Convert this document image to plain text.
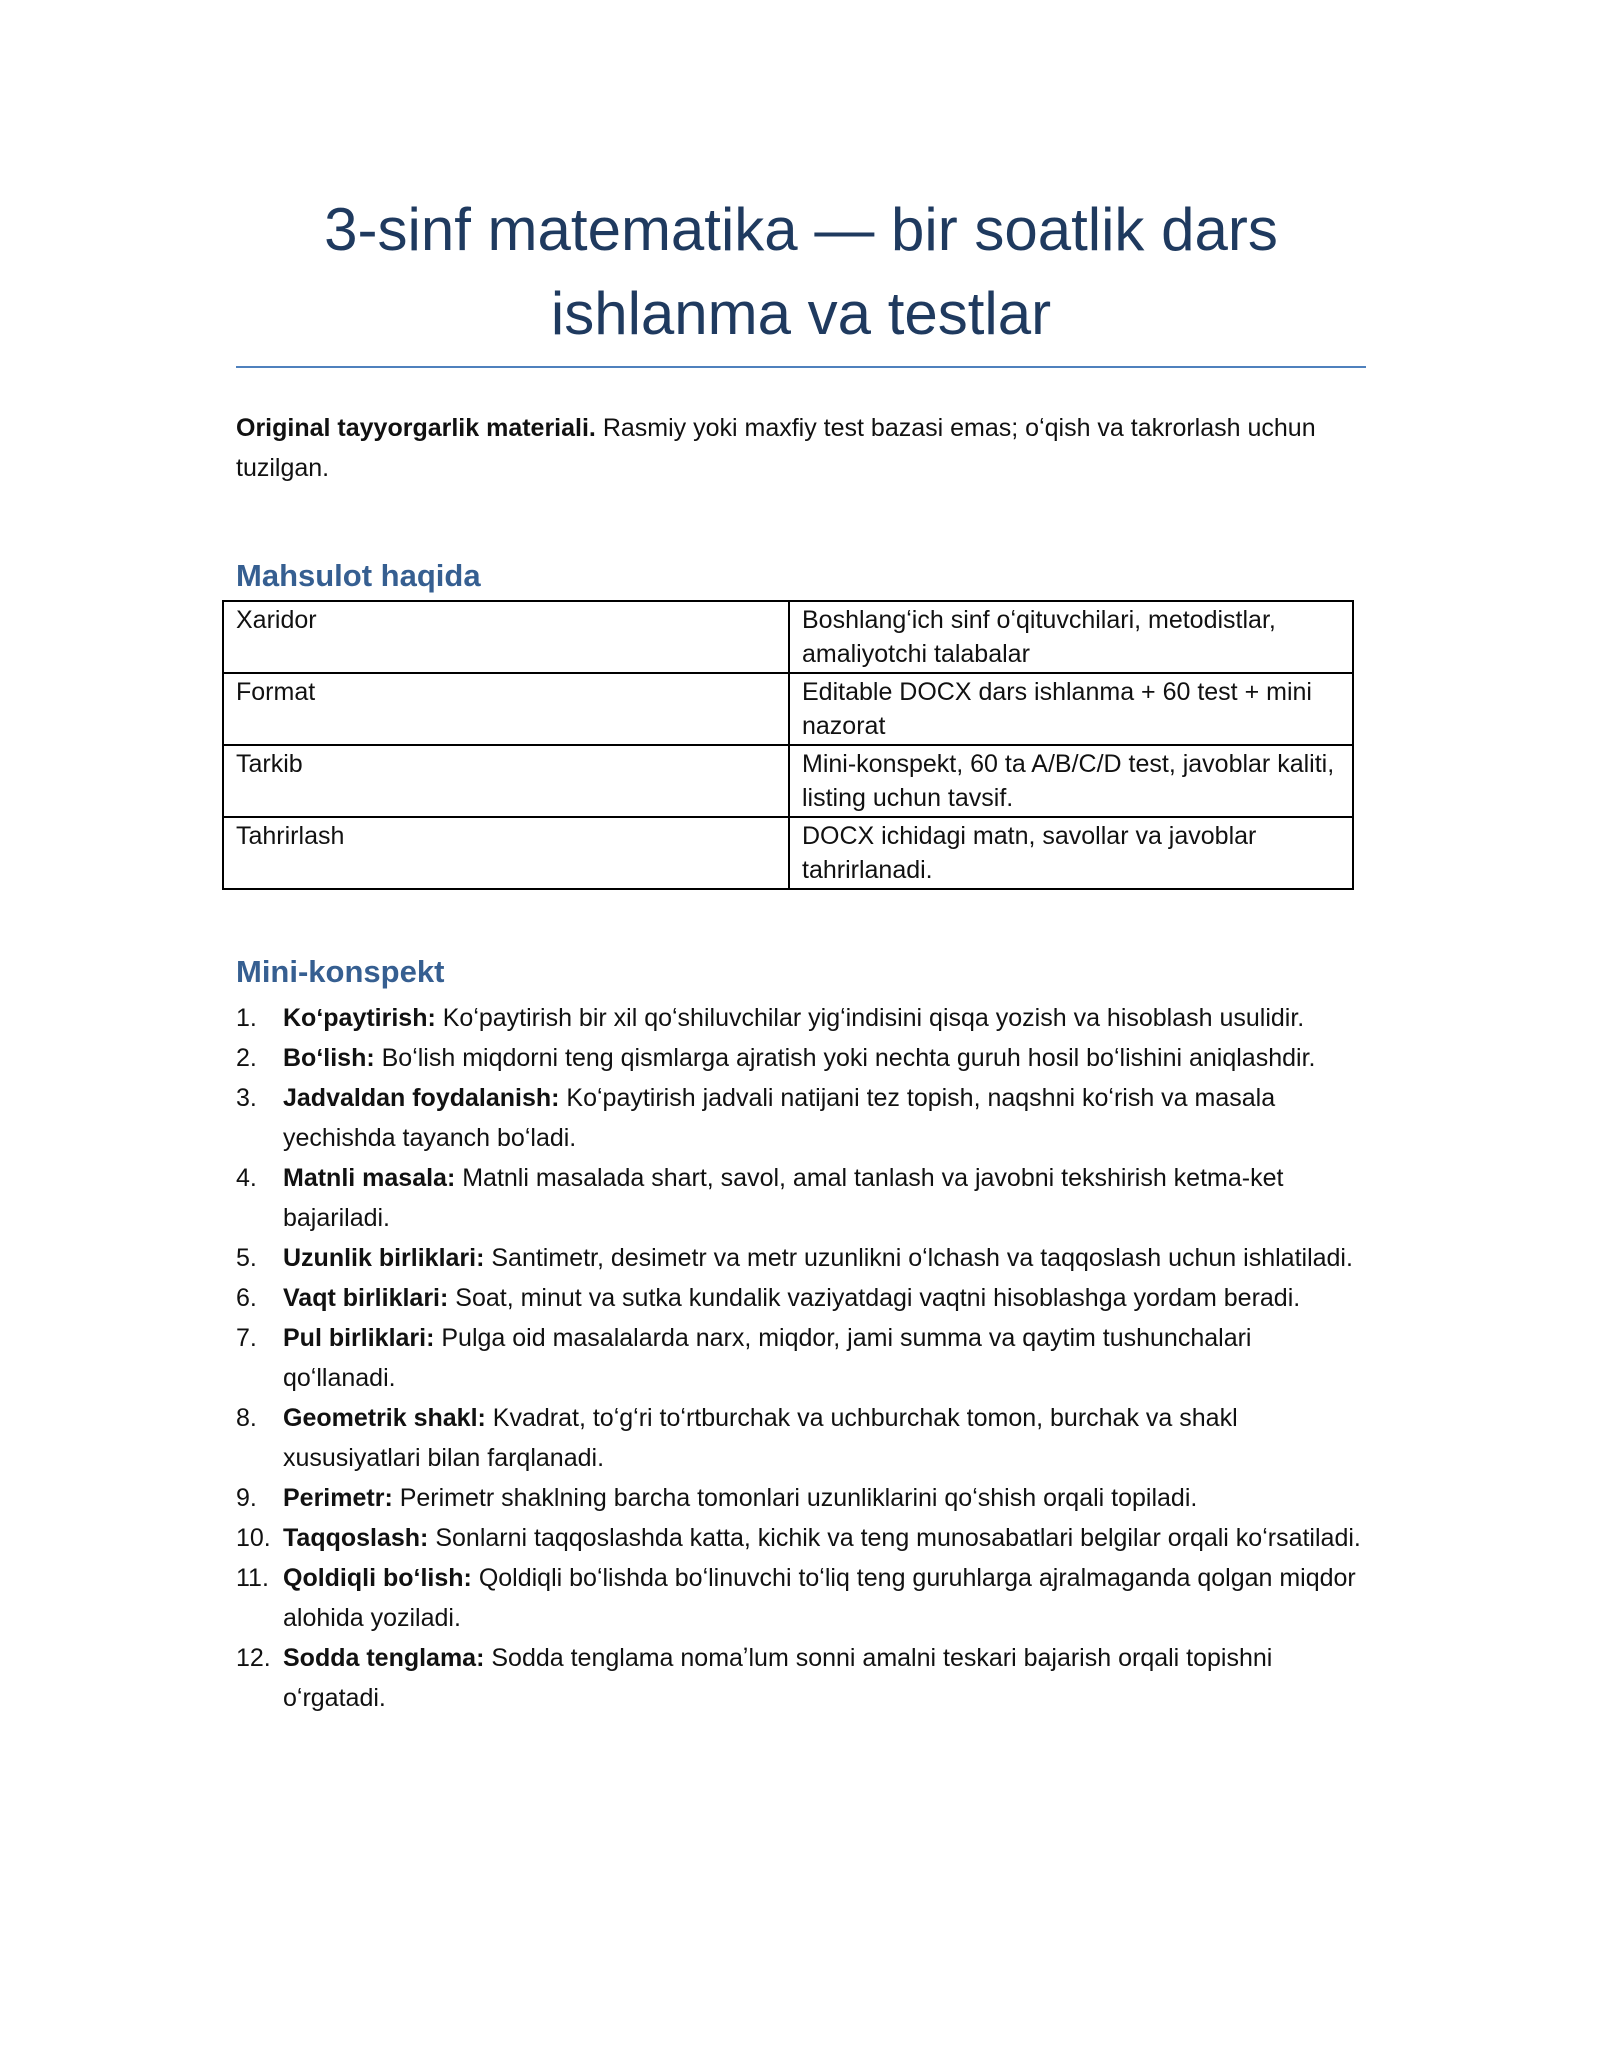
3-sinf matematika — bir soatlik dars ishlanma va testlar

Original tayyorgarlik materiali. Rasmiy yoki maxfiy test bazasi emas; oʻqish va takrorlash uchun tuzilgan.

Mahsulot haqida
Xaridor	Boshlangʻich sinf oʻqituvchilari, metodistlar, amaliyotchi talabalar
Format	Editable DOCX dars ishlanma + 60 test + mini nazorat
Tarkib	Mini-konspekt, 60 ta A/B/C/D test, javoblar kaliti, listing uchun tavsif.
Tahrirlash	DOCX ichidagi matn, savollar va javoblar tahrirlanadi.
Mini-konspekt
1. Koʻpaytirish: Koʻpaytirish bir xil qoʻshiluvchilar yigʻindisini qisqa yozish va hisoblash usulidir.
2. Boʻlish: Boʻlish miqdorni teng qismlarga ajratish yoki nechta guruh hosil boʻlishini aniqlashdir.
3. Jadvaldan foydalanish: Koʻpaytirish jadvali natijani tez topish, naqshni koʻrish va masala yechishda tayanch boʻladi.
4. Matnli masala: Matnli masalada shart, savol, amal tanlash va javobni tekshirish ketma-ket bajariladi.
5. Uzunlik birliklari: Santimetr, desimetr va metr uzunlikni oʻlchash va taqqoslash uchun ishlatiladi.
6. Vaqt birliklari: Soat, minut va sutka kundalik vaziyatdagi vaqtni hisoblashga yordam beradi.
7. Pul birliklari: Pulga oid masalalarda narx, miqdor, jami summa va qaytim tushunchalari qoʻllanadi.
8. Geometrik shakl: Kvadrat, toʻgʻri toʻrtburchak va uchburchak tomon, burchak va shakl xususiyatlari bilan farqlanadi.
9. Perimetr: Perimetr shaklning barcha tomonlari uzunliklarini qoʻshish orqali topiladi.
10. Taqqoslash: Sonlarni taqqoslashda katta, kichik va teng munosabatlari belgilar orqali koʻrsatiladi.
11. Qoldiqli boʻlish: Qoldiqli boʻlishda boʻlinuvchi toʻliq teng guruhlarga ajralmaganda qolgan miqdor alohida yoziladi.
12. Sodda tenglama: Sodda tenglama nomaʼlum sonni amalni teskari bajarish orqali topishni oʻrgatadi.
